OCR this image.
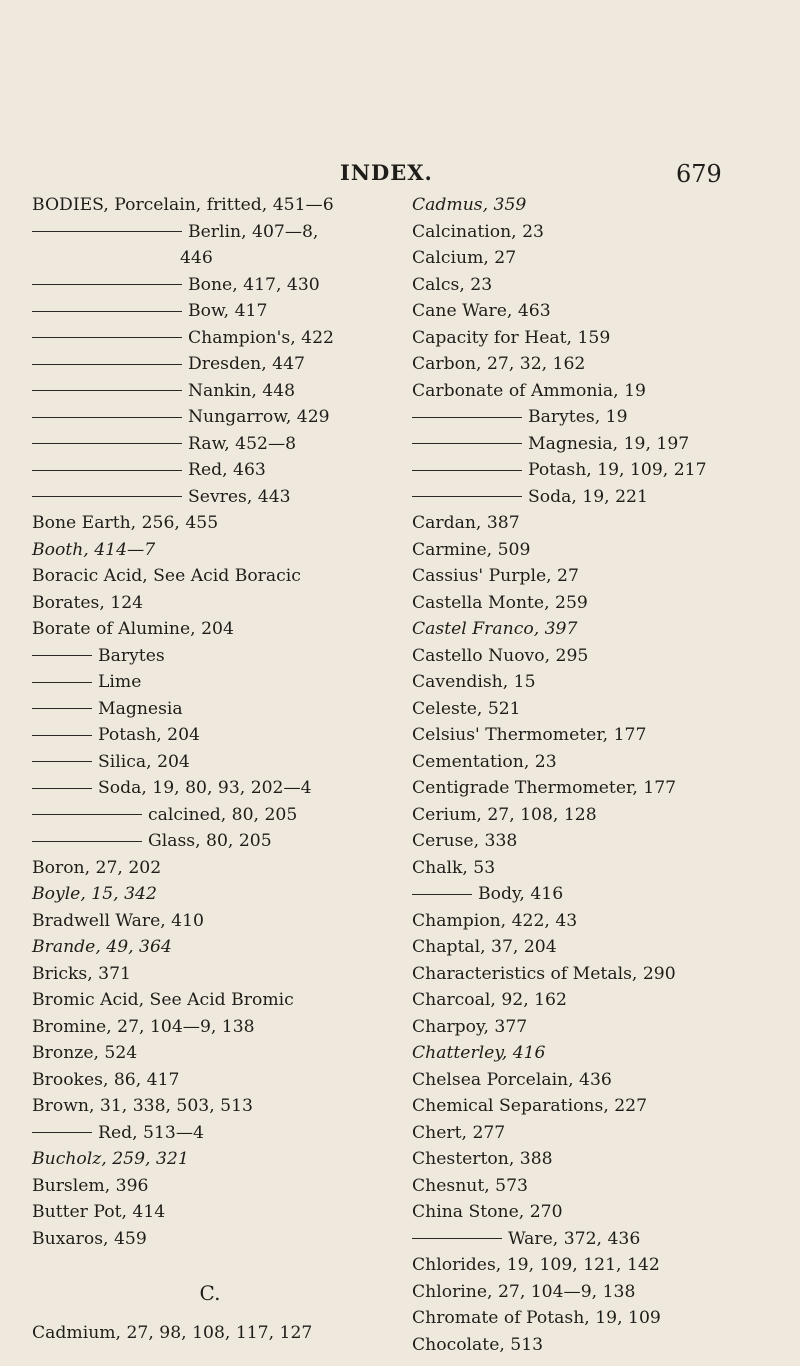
INDEX.	679
BODIES, Porcelain, fritted, 451—6
Berlin, 407—8,
446
Bone, 417, 430
Bow, 417
Champion's, 422
Dresden, 447
Nankin, 448
Nungarrow, 429
Raw, 452—8
Red, 463
Sevres, 443
Bone Earth, 256, 455
Booth, 414—7
Boracic Acid, See Acid Boracic
Borates, 124
Borate of Alumine, 204
Barytes
Lime
Magnesia
Potash, 204
Silica, 204
Soda, 19, 80, 93, 202—4
calcined, 80, 205
Glass, 80, 205
Boron, 27, 202
Boyle, 15, 342
Bradwell Ware, 410
Brande, 49, 364
Bricks, 371
Bromic Acid, See Acid Bromic
Bromine, 27, 104—9, 138
Bronze, 524
Brookes, 86, 417
Brown, 31, 338, 503, 513
Red, 513—4
Bucholz, 259, 321
Burslem, 396
Butter Pot, 414
Buxaros, 459
C.
Cadmium, 27, 98, 108, 117, 127
Cadmus, 359
Calcination, 23
Calcium, 27
Calcs, 23
Cane Ware, 463
Capacity for Heat, 159
Carbon, 27, 32, 162
Carbonate of Ammonia, 19
Barytes, 19
Magnesia, 19, 197
Potash, 19, 109, 217
Soda, 19, 221
Cardan, 387
Carmine, 509
Cassius' Purple, 27
Castella Monte, 259
Castel Franco, 397
Castello Nuovo, 295
Cavendish, 15
Celeste, 521
Celsius' Thermometer, 177
Cementation, 23
Centigrade Thermometer, 177
Cerium, 27, 108, 128
Ceruse, 338
Chalk, 53
Body, 416
Champion, 422, 43
Chaptal, 37, 204
Characteristics of Metals, 290
Charcoal, 92, 162
Charpoy, 377
Chatterley, 416
Chelsea Porcelain, 436
Chemical Separations, 227
Chert, 277
Chesterton, 388
Chesnut, 573
China Stone, 270
Ware, 372, 436
Chlorides, 19, 109, 121, 142
Chlorine, 27, 104—9, 138
Chromate of Potash, 19, 109
Chocolate, 513
